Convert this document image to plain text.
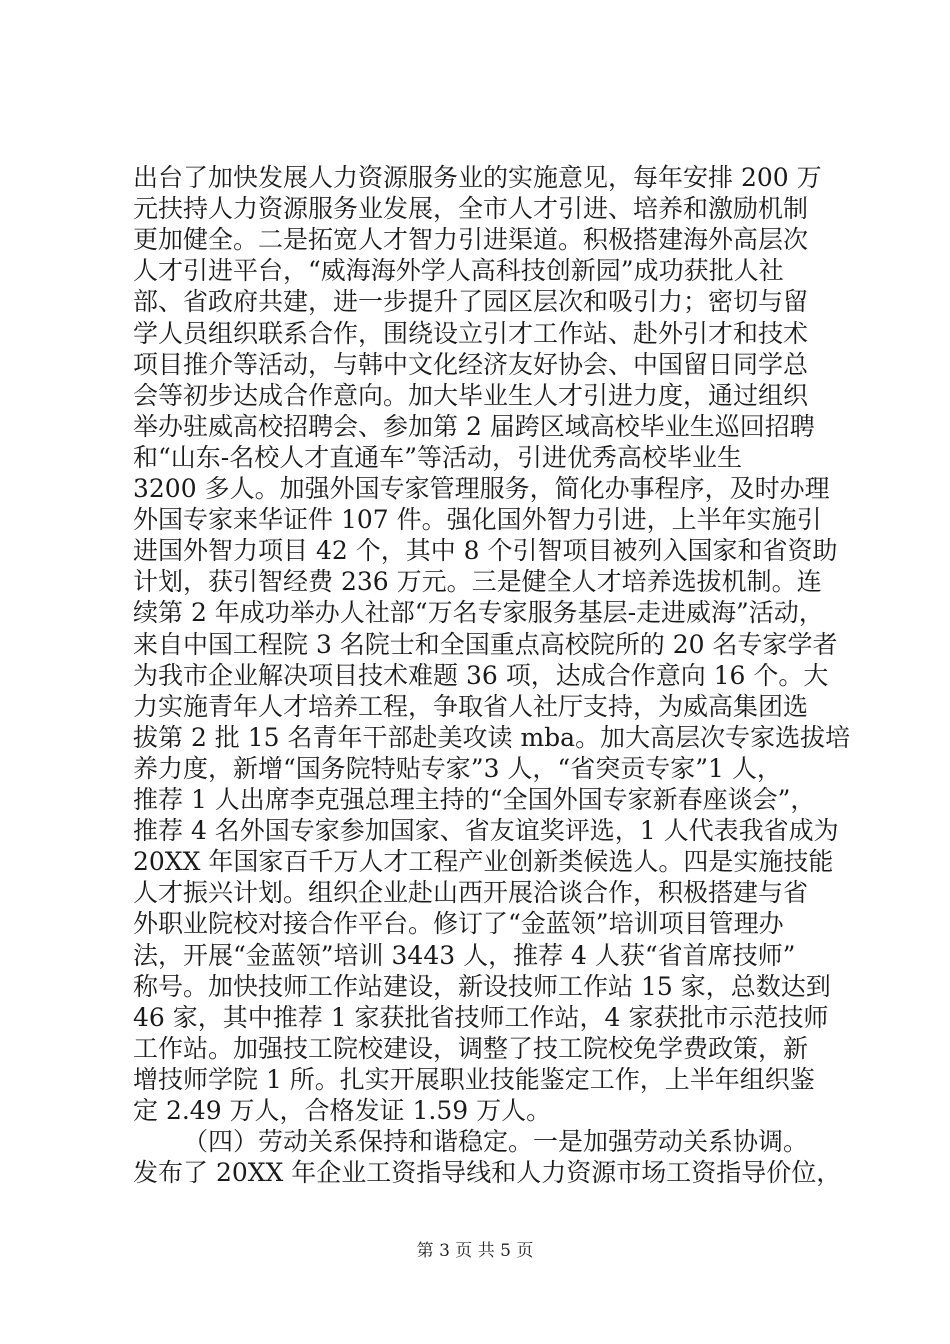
出台了加快发展人力资源服务业的实施意见，每年安排 200 万
元扶持人力资源服务业发展，全市人才引进、培养和激励机制
更加健全。二是拓宽人才智力引进渠道。积极搭建海外高层次
人才引进平台，“威海海外学人高科技创新园”成功获批人社
部、省政府共建，进一步提升了园区层次和吸引力；密切与留
学人员组织联系合作，围绕设立引才工作站、赴外引才和技术
项目推介等活动，与韩中文化经济友好协会、中国留日同学总
会等初步达成合作意向。加大毕业生人才引进力度，通过组织
举办驻威高校招聘会、参加第 2 届跨区域高校毕业生巡回招聘
和“山东-名校人才直通车”等活动，引进优秀高校毕业生
3200 多人。加强外国专家管理服务，简化办事程序，及时办理
外国专家来华证件 107 件。强化国外智力引进，上半年实施引
进国外智力项目 42 个，其中 8 个引智项目被列入国家和省资助
计划，获引智经费 236 万元。三是健全人才培养选拔机制。连
续第 2 年成功举办人社部“万名专家服务基层-走进威海”活动，
来自中国工程院 3 名院士和全国重点高校院所的 20 名专家学者
为我市企业解决项目技术难题 36 项，达成合作意向 16 个。大
力实施青年人才培养工程，争取省人社厅支持，为威高集团选
拔第 2 批 15 名青年干部赴美攻读 mba。加大高层次专家选拔培
养力度，新增“国务院特贴专家”3 人，“省突贡专家”1 人，
推荐 1 人出席李克强总理主持的“全国外国专家新春座谈会”，
推荐 4 名外国专家参加国家、省友谊奖评选，1 人代表我省成为
20XX 年国家百千万人才工程产业创新类候选人。四是实施技能
人才振兴计划。组织企业赴山西开展洽谈合作，积极搭建与省
外职业院校对接合作平台。修订了“金蓝领”培训项目管理办
法，开展“金蓝领”培训 3443 人，推荐 4 人获“省首席技师”
称号。加快技师工作站建设，新设技师工作站 15 家，总数达到
46 家，其中推荐 1 家获批省技师工作站，4 家获批市示范技师
工作站。加强技工院校建设，调整了技工院校免学费政策，新
增技师学院 1 所。扎实开展职业技能鉴定工作，上半年组织鉴
定 2.49 万人，合格发证 1.59 万人。
（四）劳动关系保持和谐稳定。一是加强劳动关系协调。
发布了 20XX 年企业工资指导线和人力资源市场工资指导价位，
第 3 页 共 5 页
